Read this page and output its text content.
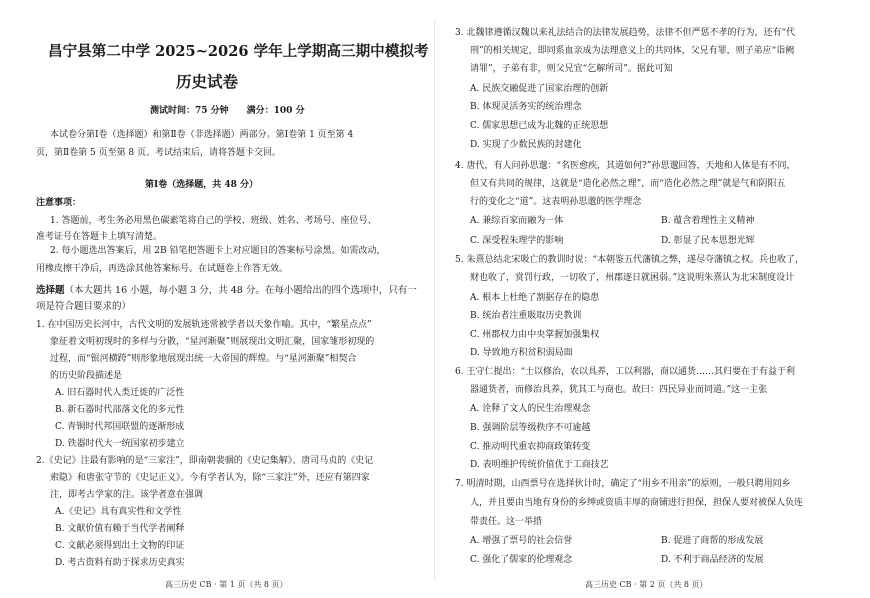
昌宁县第二中学 2025~2026 学年上学期高三期中模拟考
历史试卷
测试时间：75 分钟　　满分：100 分
本试卷分第Ⅰ卷（选择题）和第Ⅱ卷（非选择题）两部分。第Ⅰ卷第 1 页至第 4
页，第Ⅱ卷第 5 页至第 8 页。考试结束后，请将答题卡交回。
第Ⅰ卷（选择题，共 48 分）
注意事项：
1. 答题前，考生务必用黑色碳素笔将自己的学校、班级、姓名、考场号、座位号、
准考证号在答题卡上填写清楚。
2. 每小题选出答案后，用 2B 铅笔把答题卡上对应题目的答案标号涂黑。如需改动，
用橡皮擦干净后，再选涂其他答案标号。在试题卷上作答无效。
选择题（本大题共 16 小题，每小题 3 分，共 48 分。在每小题给出的四个选项中，只有一
项是符合题目要求的）
1. 在中国历史长河中，古代文明的发展轨迹常被学者以天象作喻。其中，“繁星点点”
象征着文明初现时的多样与分散，“星河渐聚”则展现出文明汇聚，国家雏形初现的
过程，而“银河横跨”则形象地展现出统一大帝国的辉煌。与“星河渐聚”相契合
的历史阶段描述是
A. 旧石器时代人类迁徙的广泛性
B. 新石器时代部落文化的多元性
C. 青铜时代邦国联盟的逐渐形成
D. 铁器时代大一统国家初步建立
2.《史记》注最有影响的是“三家注”，即南朝裴骃的《史记集解》、唐司马贞的《史记
索隐》和唐张守节的《史记正义》。今有学者认为，除“三家注”外，还应有第四家
注，即考古学家的注。该学者意在强调
A.《史记》具有真实性和文学性
B. 文献价值有赖于当代学者阐释
C. 文献必须得到出土文物的印证
D. 考古资料有助于探求历史真实
高三历史 CB · 第 1 页（共 8 页）
3. 北魏律遵循汉魏以来礼法结合的法律发展趋势，法律不但严惩不孝的行为，还有“代
刑”的相关规定，即同系血亲成为法理意义上的共同体，父兄有罪，则子弟应“诣阙
请罪”，子弟有非，则父兄宜“乞解所司”。据此可知
A. 民族交融促进了国家治理的创新
B. 体现灵活务实的统治理念
C. 儒家思想已成为北魏的正统思想
D. 实现了少数民族的封建化
4. 唐代，有人问孙思邈：“名医愈疾，其道如何?”孙思邈回答，天地和人体是有不同，
但又有共同的规律，这就是“造化必然之理”，而“造化必然之理”就是气和阴阳五
行的变化之“道”。这表明孙思邈的医学理念
A. 兼综百家而融为一体	B. 蕴含着理性主义精神
C. 深受程朱理学的影响	D. 彰显了民本思想光辉
5. 朱熹总结北宋吸亡的教训时说：“本朝鉴五代藩镇之弊，遂尽夺藩镇之权。兵也收了，
财也收了，赏罚行政，一切收了，州郡逐日就困弱。”这说明朱熹认为北宋制度设计
A. 根本上杜绝了割据存在的隐患
B. 统治者注重吸取历史教训
C. 州郡权力由中央掌握加强集权
D. 导致地方积贫积弱局面
6. 王守仁提出：“士以修治，农以具养，工以利器，商以通货……其归要在于有益于利
器通货者，而修治具养，犹其工与商也。故曰：四民异业而同道。”这一主张
A. 诠释了文人的民生治理观念
B. 强调阶层等级秩序不可逾越
C. 推动明代重农抑商政策转变
D. 表明维护传统价值优于工商技艺
7. 明清时期，山西票号在选择伙计时，确定了“用乡不用亲”的原则，一般只聘用同乡
人，并且要由当地有身份的乡绅或资质丰厚的商铺进行担保，担保人要对被保人负连
带责任。这一举措
A. 增强了票号的社会信誉	B. 促进了商帮的形成发展
C. 强化了儒家的伦理观念	D. 不利于商品经济的发展
高三历史 CB · 第 2 页（共 8 页）
